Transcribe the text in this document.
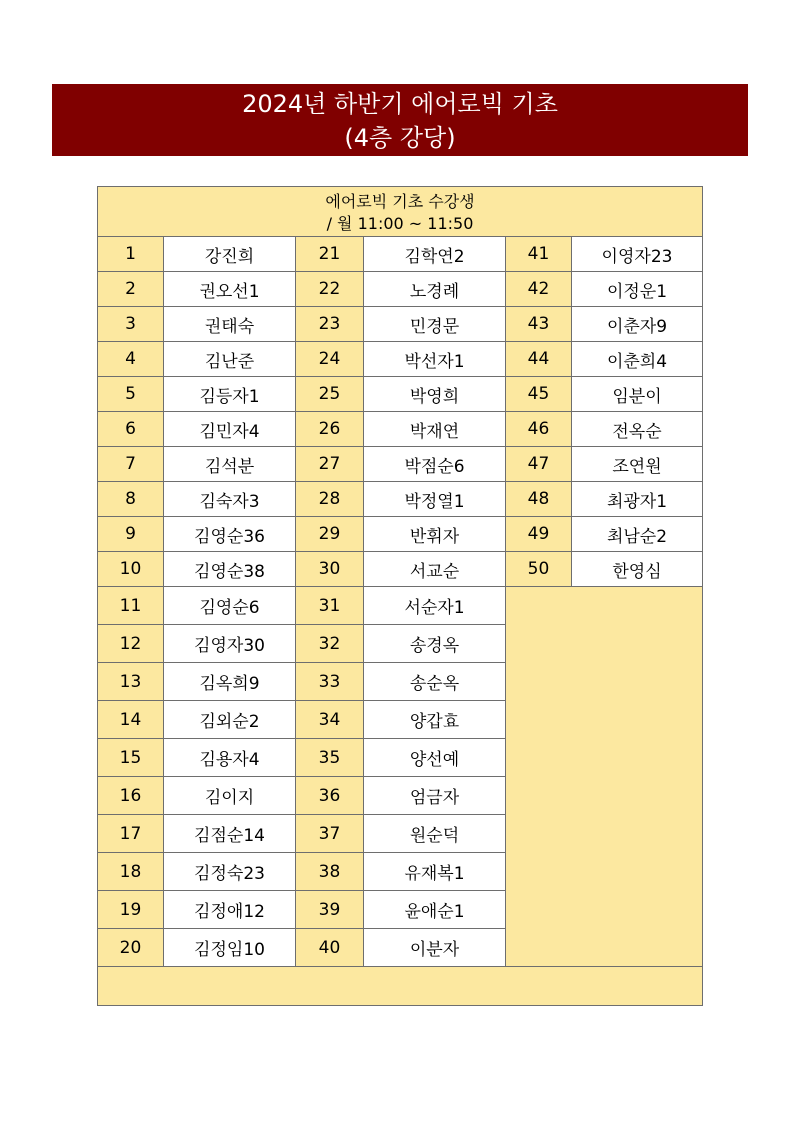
2024년 하반기 에어로빅 기초
(4층 강당)
에어로빅 기초 수강생
/ 월 11:00 ~ 11:50					

1	강진희	21	김학연2	41	이영자23
2	권오선1	22	노경례	42	이정운1
3	권태숙	23	민경문	43	이춘자9
4	김난준	24	박선자1	44	이춘희4
5	김등자1	25	박영희	45	임분이
6	김민자4	26	박재연	46	전옥순
7	김석분	27	박점순6	47	조연원
8	김숙자3	28	박정열1	48	최광자1
9	김영순36	29	반휘자	49	최남순2
10	김영순38	30	서교순	50	한영심
11	김영순6	31	서순자1		
12	김영자30	32	송경옥		
13	김옥희9	33	송순옥		
14	김외순2	34	양갑효		
15	김용자4	35	양선예		
16	김이지	36	엄금자		
17	김점순14	37	원순덕		
18	김정숙23	38	유재복1		
19	김정애12	39	윤애순1		
20	김정임10	40	이분자		
